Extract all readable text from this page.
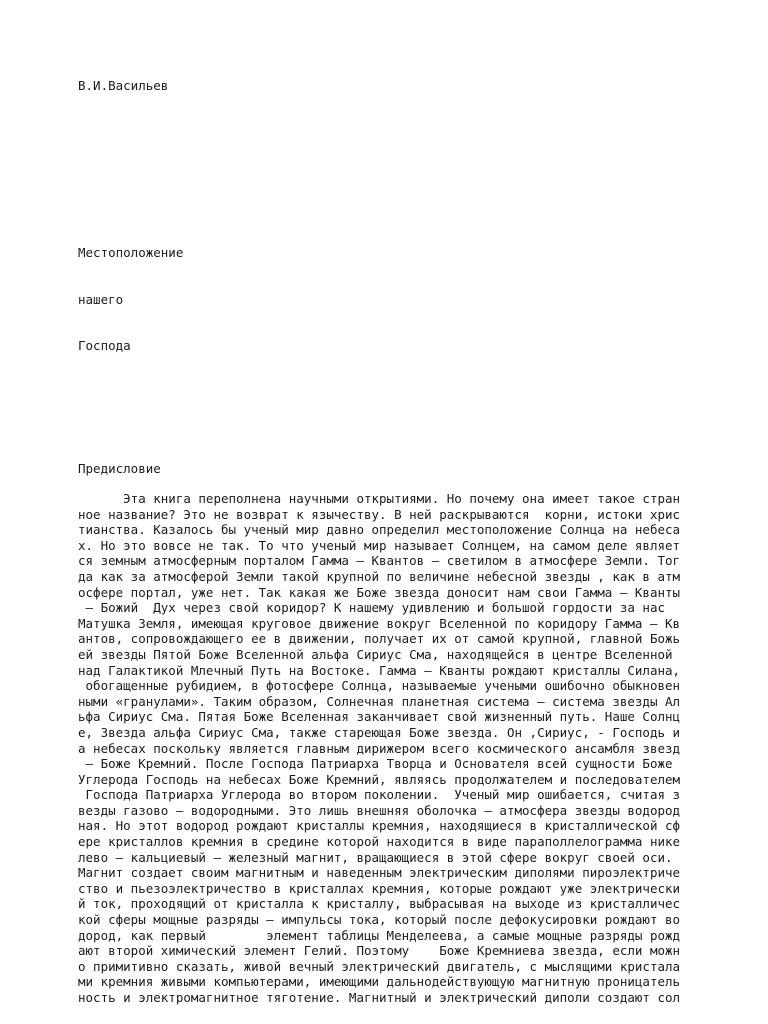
В.И.Васильев
Местоположение
нашего
Господа
Предисловие
Эта книга переполнена научными открытиями. Но почему она имеет такое стран
ное название? Это не возврат к язычеству. В ней раскрываются  корни, истоки хрис
тианства. Казалось бы ученый мир давно определил местоположение Солнца на небеса
х. Но это вовсе не так. То что ученый мир называет Солнцем, на самом деле являет
ся земным атмосферным порталом Гамма – Квантов – светилом в атмосфере Земли. Тог
да как за атмосферой Земли такой крупной по величине небесной звезды , как в атм
осфере портал, уже нет. Так какая же Боже звезда доносит нам свои Гамма – Кванты
– Божий  Дух через свой коридор? К нашему удивлению и большой гордости за нас
Матушка Земля, имеющая круговое движение вокруг Вселенной по коридору Гамма – Кв
антов, сопровождающего ее в движении, получает их от самой крупной, главной Божь
ей звезды Пятой Боже Вселенной альфа Сириус Сма, находящейся в центре Вселенной
над Галактикой Млечный Путь на Востоке. Гамма – Кванты рождают кристаллы Силана,
обогащенные рубидием, в фотосфере Солнца, называемые учеными ошибочно обыкновен
ными «гранулами». Таким образом, Солнечная планетная система – система звезды Ал
ьфа Сириус Сма. Пятая Боже Вселенная заканчивает свой жизненный путь. Наше Солнц
е, Звезда альфа Сириус Сма, также стареющая Боже звезда. Он ,Сириус, - Господь и
а небесах поскольку является главным дирижером всего космического ансамбля звезд
– Боже Кремний. После Господа Патриарха Творца и Основателя всей сущности Боже
Углерода Господь на небесах Боже Кремний, являясь продолжателем и последователем
Господа Патриарха Углерода во втором поколении.  Ученый мир ошибается, считая з
везды газово – водородными. Это лишь внешняя оболочка – атмосфера звезды водород
ная. Но этот водород рождают кристаллы кремния, находящиеся в кристаллической сф
ере кристаллов кремния в средине которой находится в виде параполлелограмма нике
лево – кальциевый – железный магнит, вращающиеся в этой сфере вокруг своей оси.
Магнит создает своим магнитным и наведенным электрическим диполями пироэлектриче
ство и пьезоэлектричество в кристаллах кремния, которые рождают уже электрически
й ток, проходящий от кристалла к кристаллу, выбрасывая на выходе из кристалличес
кой сферы мощные разряды – импульсы тока, который после дефокусировки рождают во
дород, как первый        элемент таблицы Менделеева, а самые мощные разряды рожд
ают второй химический элемент Гелий. Поэтому    Боже Кремниева звезда, если можн
о примитивно сказать, живой вечный электрический двигатель, с мыслящими кристала
ми кремния живыми компьютерами, имеющими дальнодействующую магнитную проницатель
ность и электромагнитное тяготение. Магнитный и электрический диполи создают сол
